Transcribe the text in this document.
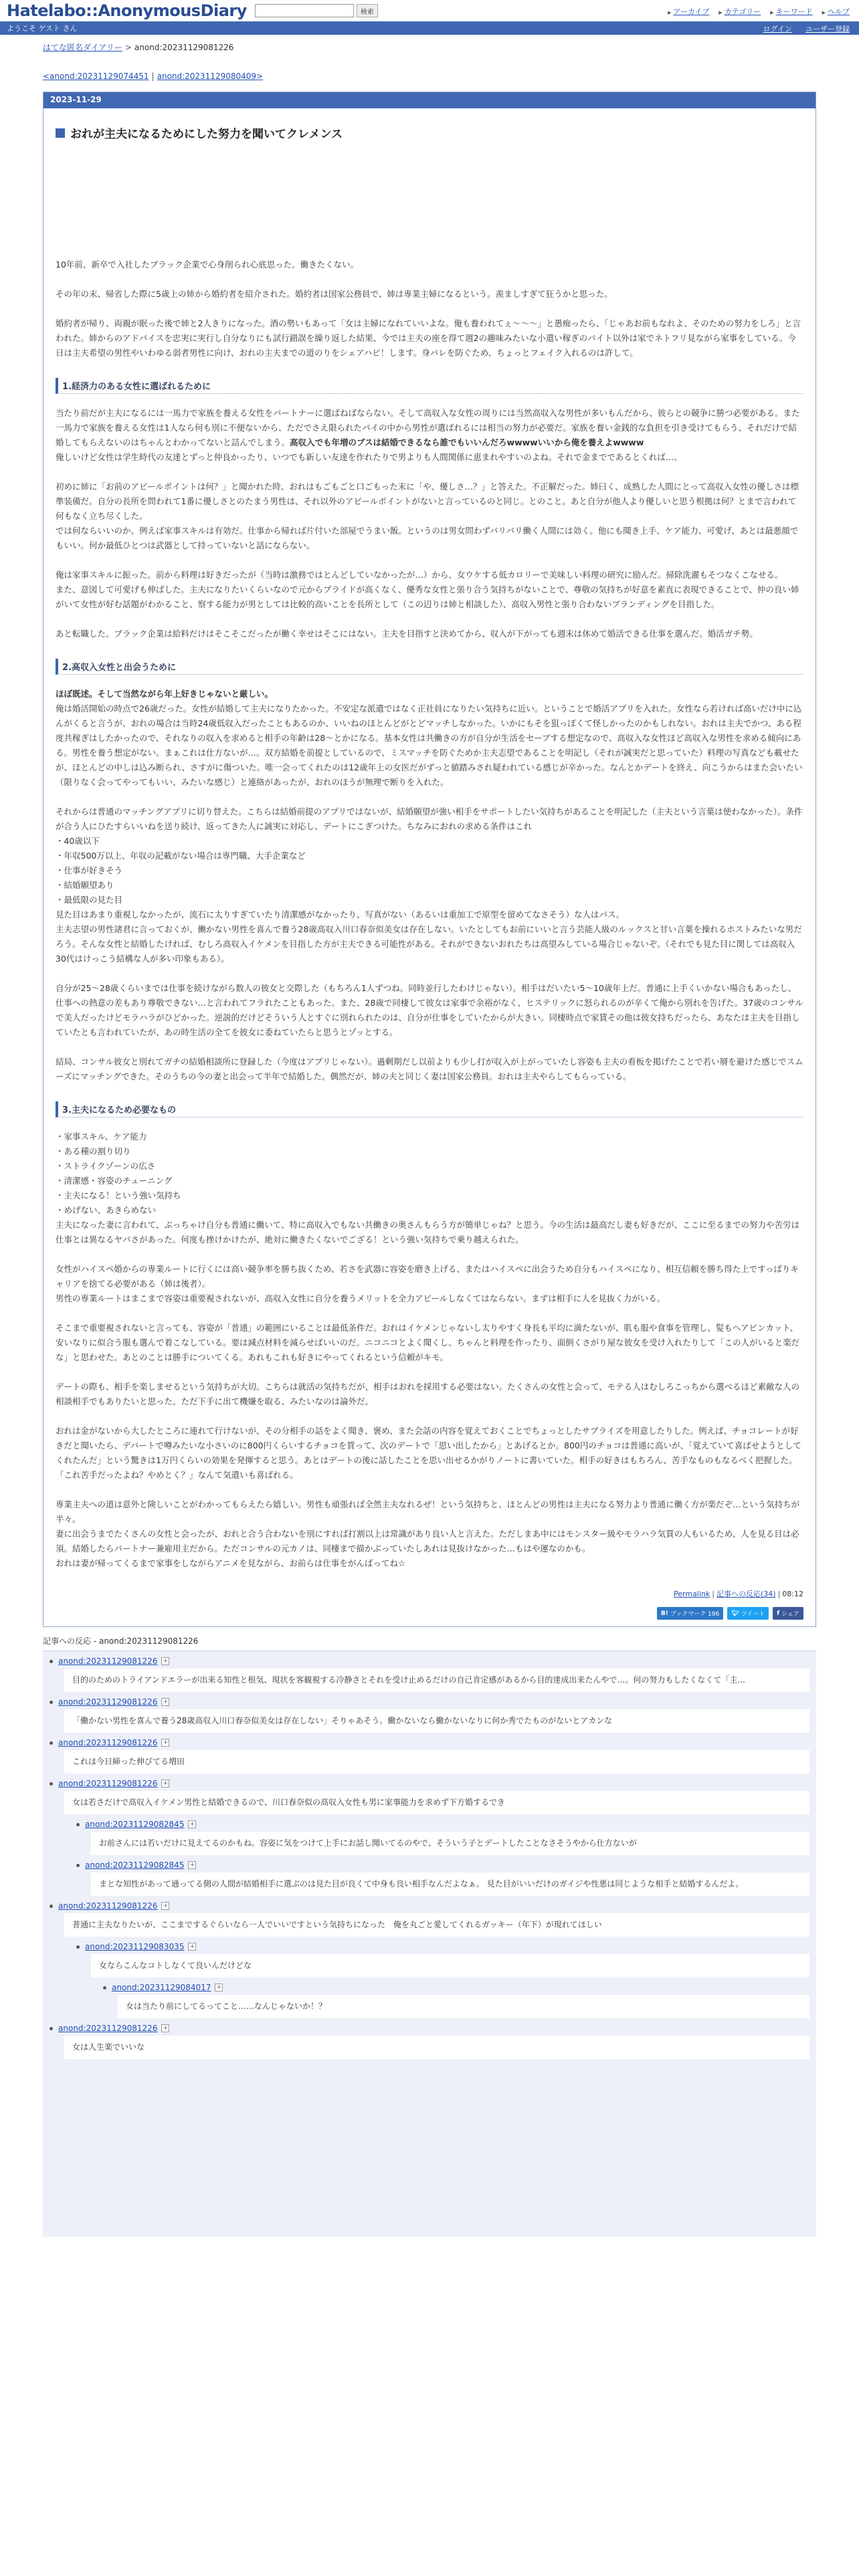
Hatelabo::AnonymousDiary	検索	▶ アーカイブ	▶ カテゴリー	▶ キーワード	▶ ヘルプ
ようこそ ゲスト さん	ログイン ユーザー登録
はてな匿名ダイアリー > anond:20231129081226
<anond:20231129074451 | anond:20231129080409>
2023-11-29
おれが主夫になるためにした努力を聞いてクレメンス

10年前、新卒で入社したブラック企業で心身削られ心底思った。働きたくない。

その年の末、帰省した際に5歳上の姉から婚約者を紹介された。婚約者は国家公務員で、姉は専業主婦になるという。羨ましすぎて狂うかと思った。

婚約者が帰り、両親が眠った後で姉と2人きりになった。酒の勢いもあって「女は主婦になれていいよな。俺も養われてぇ〜〜〜」と愚痴ったら、「じゃあお前もなれよ、そのための努力をしろ」と言われた。姉からのアドバイスを忠実に実行し自分なりにも試行錯誤を繰り返した結果、今では主夫の座を得て週2の趣味みたいな小遣い稼ぎのバイト以外は家でネトフリ見ながら家事をしている。今日は主夫希望の男性やいわゆる弱者男性に向け、おれの主夫までの道のりをシェアハピ！します。身バレを防ぐため、ちょっとフェイク入れるのは許して。

1.経済力のある女性に選ばれるために

当たり前だが主夫になるには一馬力で家族を養える女性をパートナーに選ばねばならない。そして高収入な女性の周りには当然高収入な男性が多いもんだから、彼らとの競争に勝つ必要がある。また一馬力で家族を養える女性は1人なら何も別に不便ないから、ただでさえ限られたパイの中から男性が選ばれるには相当の努力が必要だ。家族を養い金銭的な負担を引き受けてもらう、それだけで結婚してもらえないのはちゃんとわかってないと詰んでしまう。高収入でも年増のブスは結婚できるなら誰でもいいんだろwwwwいいから俺を養えよwwww

俺しいけど女性は学生時代の友達とずっと仲良かったり、いつでも新しい友達を作れたりで男よりも人間関係に恵まれやすいのよね。それで金までであるとくれば…。

初めに姉に「お前のアピールポイントは何？」と聞かれた時、おれはもごもごと口ごもった末に「や、優しさ…？」と答えた。不正解だった。姉曰く、成熟した人間にとって高収入女性の優しさは標準装備だ。自分の長所を問われて1番に優しさとのたまう男性は、それ以外のアピールポイントがないと言っているのと同じ。とのこと。あと自分が他人より優しいと思う根拠は何？とまで言われて何もなく立ち尽くした。

では何ならいいのか。例えば家事スキルは有効だ。仕事から帰れば片付いた部屋でうまい飯。というのは男女問わずバリバリ働く人間には効く。他にも聞き上手、ケア能力、可愛げ、あとは最悪顔でもいい。何か最低ひとつは武器として持っていないと話にならない。

俺は家事スキルに振った。前から料理は好きだったが（当時は激務ではとんどしていなかったが…）から、女ウケする低カロリーで美味しい料理の研究に励んだ。掃除洗濯もそつなくこなせる。

また、意図して可愛げも伸ばした。主夫になりたいくらいなので元からプライドが高くなく、優秀な女性と張り合う気持ちがないことで、尊敬の気持ちが好意を素直に表現できることで、仲の良い姉がいて女性が好む話題がわかること、察する能力が男としては比較的高いことを長所として（この辺りは姉と相談した）、高収入男性と張り合わないブランディングを目指した。

あと転職した。ブラック企業は給料だけはそこそこだったが働く幸せはそこにはない。主夫を目指すと決めてから、収入が下がっても週末は休めて婚活できる仕事を選んだ。婚活ガチ勢。

2.高収入女性と出会うために

ほぼ既述。そして当然ながら年上好きじゃないと厳しい。

俺は婚活開始の時点で26歳だった。女性が結婚して主夫になりたかった。不安定な派遣ではなく正社員になりたい気持ちに近い。ということで婚活アプリを入れた。女性なら若ければ高いだけ中に込んがくると言うが、おれの場合は当時24歳低収入だったこともあるのか、いいねのほとんどがとどマッチしなかった。いかにもそを狙っぽくて怪しかったのかもしれない。おれは主夫でかつ、ある程度共稼ぎはしたかったので、それなりの収入を求めると相手の年齢は28〜とかになる。基本女性は共働きの方が自分が生活をセーブする想定なので、高収入な女性ほど高収入な男性を求める傾向にある。男性を養う想定がない。まぁこれは仕方ないが…。双方結婚を前提としているので、ミスマッチを防ぐためか主夫志望であることを明記し（それが誠実だと思っていた）料理の写真なども載せたが、ほとんどの中しは込み断られ、さすがに傷ついた。唯一会ってくれたのは12歳年上の女医だがずっと値踏みされ疑われている感じが辛かった。なんとかデートを終え、向こうからはまた会いたい（限りなく会ってやってもいい、みたいな感じ）と連絡があったが、おれのほうが無理で断りを入れた。

それからは普通のマッチングアプリに切り替えた。こちらは結婚前提のアプリではないが、結婚願望が強い相手をサポートしたい気持ちがあることを明記した（主夫という言葉は使わなかった）。条件が合う人にひたすらいいねを送り続け、返ってきた人に誠実に対応し、デートにこぎつけた。ちなみにおれの求める条件はこれ

・ 40歳以下

・ 年収500万以上、年収の記載がない場合は専門職、大手企業など

・ 仕事が好きそう

・ 結婚願望あり

・ 最低限の見た目

見た目はあまり重視しなかったが、流石に太りすぎていたり清潔感がなかったり、写真がない（あるいは重加工で原型を留めてなさそう）な人はパス。

主夫志望の男性諸君に言っておくが、働かない男性を喜んで養う28歳高収入川口春奈似美女は存在しない。いたとしてもお前にいいと言う芸能人級のルックスと甘い言葉を操れるホストみたいな男だろう。そんな女性と結婚したければ、むしろ高収入イケメンを目指した方が主夫できる可能性がある。それができないおれたちは高望みしている場合じゃないぞ。（それでも見た目に関しては高収入30代はけっこう結構な人が多い印象もある）。

自分が25〜28歳くらいまでは仕事を続けながら数人の彼女と交際した（もちろん1人ずつね。同時並行したわけじゃない）。相手はだいたい5〜10歳年上だ。普通に上手くいかない場合もあったし、仕事への熱意の差もあり尊敬できない…と言われてフラれたこともあった。また、28歳で同棲して彼女は家事で余裕がなく、ヒステリックに怒られるのが辛くて俺から別れを告げた。37歳のコンサルで美人だったけどモラハラがひどかった。逆説的だけどそういう人とすぐに別れられたのは、自分が仕事をしていたからが大きい。同棲時点で家賃その他は彼女持ちだったら、あなたは主夫を目指していたとも言われていたが、あの時生活の全てを彼女に委ねていたらと思うとゾッとする。

結局、コンサル彼女と別れてガチの結婚相談所に登録した（今度はアプリじゃない）。過剰期だし以前よりも少し打が収入が上がっていたし容姿も主夫の看板を掲げたことで若い層を避けた感じでスムーズにマッチングできた。そのうちの今の妻と出会って半年で結婚した。偶然だが、姉の夫と同じく妻は国家公務員。おれは主夫やらしてもらっている。

3.主夫になるため必要なもの

・ 家事スキル、ケア能力

・ ある種の割り切り

・ ストライクゾーンの広さ

・ 清潔感・容姿のチューニング

・ 主夫になる！という強い気持ち

・ めげない、あきらめない

主夫になった妻に言われて、ぶっちゃけ自分も普通に働いて、特に高収入でもない共働きの奥さんもらう方が簡単じゃね？と思う。今の生活は最高だし妻も好きだが、ここに至るまでの努力や苦労は仕事とは異なるヤバさがあった。何度も挫けかけたが、絶対に働きたくないでござる！という強い気持ちで乗り越えられた。

女性がハイスペ婚からの専業ルートに行くには高い競争率を勝ち抜くため、若さを武器に容姿を磨き上げる、またはハイスペに出会うため自分もハイスペになり、相互信頼を勝ち得た上ですっぱりキャリアを捨てる必要がある（姉は後者）。

男性の専業ルートはまこまで容姿は重要視されないが、高収入女性に自分を養うメリットを全力アピールしなくてはならない。まずは相手に人を見抜く力がいる。

そこまで重要視されないと言っても、容姿が「普通」の範囲にいることは最低条件だ。おれはイケメンじゃないし太りやすく身長も平均に満たないが、肌も服や食事を管理し、髪もヘアピンカット、安いなりに似合う服も選んで着こなしている。要は減点材料を減らせばいいのだ。ニコニコとよく聞くし、ちゃんと料理を作ったり、面倒くさがり屋な彼女を受け入れたりして「この人がいると楽だな」と思わせた。あとのことは勝手についてくる。あれもこれも好きにやってくれるという信頼がキモ。

デートの際も、相手を楽しませるという気持ちが大切。こちらは就活の気持ちだが、相手はおれを採用する必要はない。たくさんの女性と会って、モテる人はむしろこっちから選べるほど素敵な人の相談相手でもありたいと思った。ただ下手に出て機嫌を取る、みたいなのは論外だ。

おれは金がないから大したところに連れて行けないが、その分相手の話をよく聞き、褒め、また会話の内容を覚えておくことでちょっとしたサプライズを用意したりした。例えば、チョコレートが好きだと聞いたら、デパートで噂みたいな小さいのに800円くらいするチョコを買って、次のデートで「思い出したから」とあげるとか。800円のチョコは普通に高いが、「覚えていて喜ばせようとしてくれたんだ」という驚きは1万円くらいの効果を発揮すると思う。あとはデートの後に話したことを思い出せるかがりノートに書いていた。相手の好きはもちろん、苦手なものもなるべく把握した。「これ苦手だったよね？やめとく？」なんて気遣いも喜ばれる。

専業主夫への道は意外と険しいことがわかってもらえたら嬉しい。男性も頑張れば全然主夫なれるぜ！という気持ちと、ほとんどの男性は主夫になる努力より普通に働く方が楽だぞ…という気持ちが半々。

妻に出会うまでたくさんの女性と会ったが、おれと合う合わないを別にすれば打割以上は常識があり良い人と言えた。ただしまあ中にはモンスター級やモラハラ気質の人もいるため、人を見る目は必須。結婚したらパートナー兼雇用主だから。ただコンサルの元カノは、同棲まで描かぶっていたしあれは見抜けなかった…もはや運なのかも。

おれは妻が帰ってくるまで家事をしながらアニメを見ながら、お前らは仕事をがんばってね☆

Permalink | 記事への反応(34) | 08:12
B! ブックマーク 196 🐦︎ ツイート f シェア
記事への反応 - anond:20231129081226
anond:20231129081226 +
目的のためのトライアンドエラーが出来る知性と根気、現状を客観視する冷静さとそれを受け止めるだけの自己肯定感があるから目的達成出来たんやで…。何の努力もしたくなくて「主...
anond:20231129081226 +
「働かない男性を喜んで養う28歳高収入川口春奈似美女は存在しない」そりゃあそう。働かないなら働かないなりに何か秀でたものがないとアカンな
anond:20231129081226 +
これは今日締った伸びてる増田
anond:20231129081226 +
女は若さだけで高収入イケメン男性と結婚できるので、川口春奈似の高収入女性も男に家事能力を求めず下方婚するでき
anond:20231129082845 +
お前さんには若いだけに見えてるのかもね。容姿に気をつけて上手にお話し聞いてるのやで、そういう子とデートしたことなさそうやから仕方ないが
anond:20231129082845 +
まとな知性があって通ってる側の人間が結婚相手に選ぶのは見た目が良くて中身も良い相手なんだよなぁ。 見た目がいいだけのガイジや性悪は同じような相手と結婚するんだよ。
anond:20231129081226 +
普通に主夫なりたいが、ここまでするぐらいなら一人でいいですという気持ちになった　俺を丸ごと愛してくれるガッキー（年下）が現れてほしい
anond:20231129083035 +
女ならこんなコトしなくて良いんだけどな
anond:20231129084017 +
女は当たり前にしてるってこと……なんじゃないか！？
anond:20231129081226 +
女は人生楽でいいな
